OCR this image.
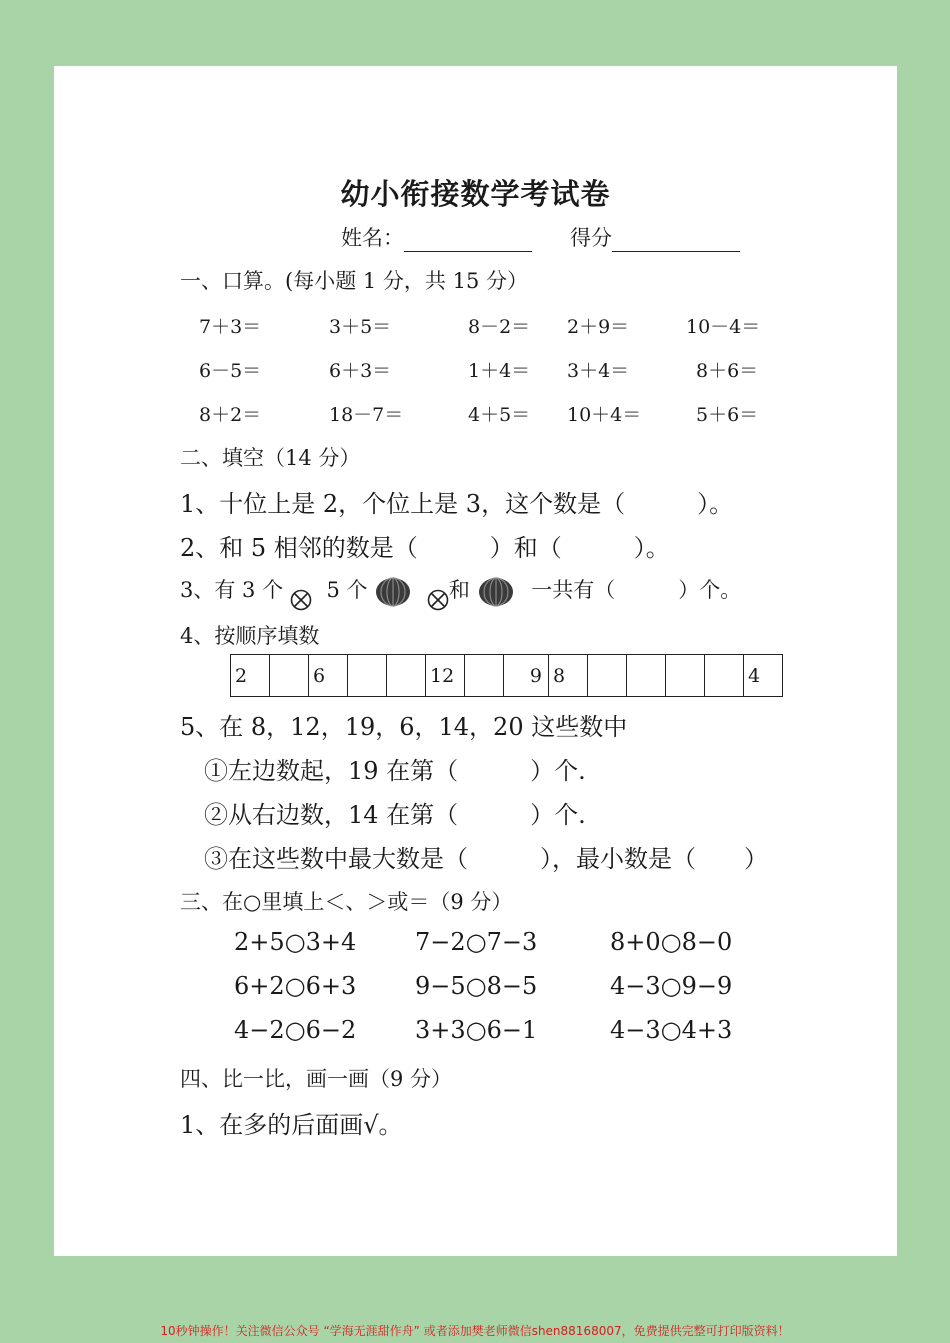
幼小衔接数学考试卷
姓名：	得分
一、口算。(每小题 1 分，共 15 分）
7＋3＝	3＋5＝	8－2＝ 2＋9＝	10－4＝
6－5＝	6＋3＝	1＋4＝ 3＋4＝	8＋6＝
8＋2＝	18－7＝	4＋5＝ 10＋4＝	5＋6＝
二、填空（14 分）
1、十位上是 2，个位上是 3，这个数是（　　　）。
2、和 5 相邻的数是（　　　）和（　　　）。
3、有 3 个 5 个	和	一共有（　　　）个。
4、按顺序填数
2		6			12		9	8					4
5、在 8，12，19，6，14，20 这些数中
①左边数起，19 在第（　　　）个.
②从右边数，14 在第（　　　）个.
③在这些数中最大数是（　　　），最小数是（　　）
三、在○里填上＜、＞或＝（9 分）
2+5○3+4 7−2○7−3	8+0○8−0
6+2○6+3 9−5○8−5	4−3○9−9
4−2○6−2 3+3○6−1	4−3○4+3
四、比一比，画一画（9 分）
1、在多的后面画√。
10秒钟操作！关注微信公众号 “学海无涯甜作舟” 或者添加樊老师微信shen88168007，免费提供完整可打印版资料！
